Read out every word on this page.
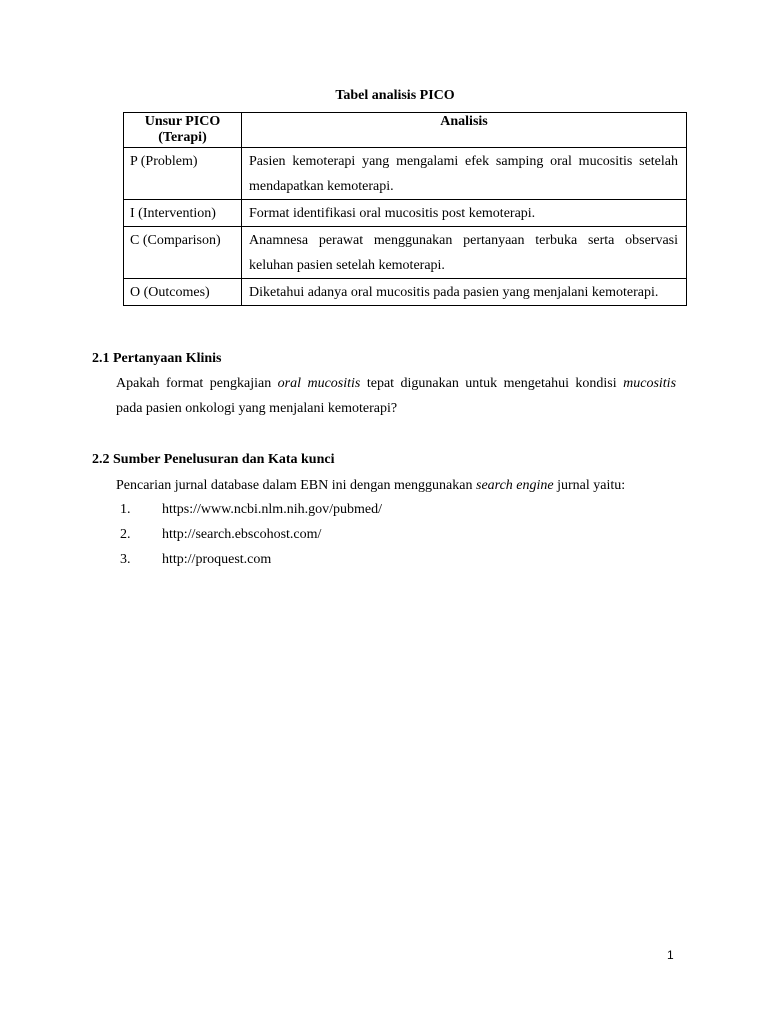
Tabel analisis PICO
Unsur PICO (Terapi)	Analisis
P (Problem)	Pasien kemoterapi yang mengalami efek samping oral mucositis setelah mendapatkan kemoterapi.
I (Intervention)	Format identifikasi oral mucositis post kemoterapi.
C (Comparison)	Anamnesa perawat menggunakan pertanyaan terbuka serta observasi keluhan pasien setelah kemoterapi.
O (Outcomes)	Diketahui adanya oral mucositis pada pasien yang menjalani kemoterapi.
2.1 Pertanyaan Klinis
Apakah format pengkajian oral mucositis tepat digunakan untuk mengetahui kondisi mucositis pada pasien onkologi yang menjalani kemoterapi?
2.2 Sumber Penelusuran dan Kata kunci
Pencarian jurnal database dalam EBN ini dengan menggunakan search engine jurnal yaitu:
1. https://www.ncbi.nlm.nih.gov/pubmed/
2. http://search.ebscohost.com/
3. http://proquest.com
1
